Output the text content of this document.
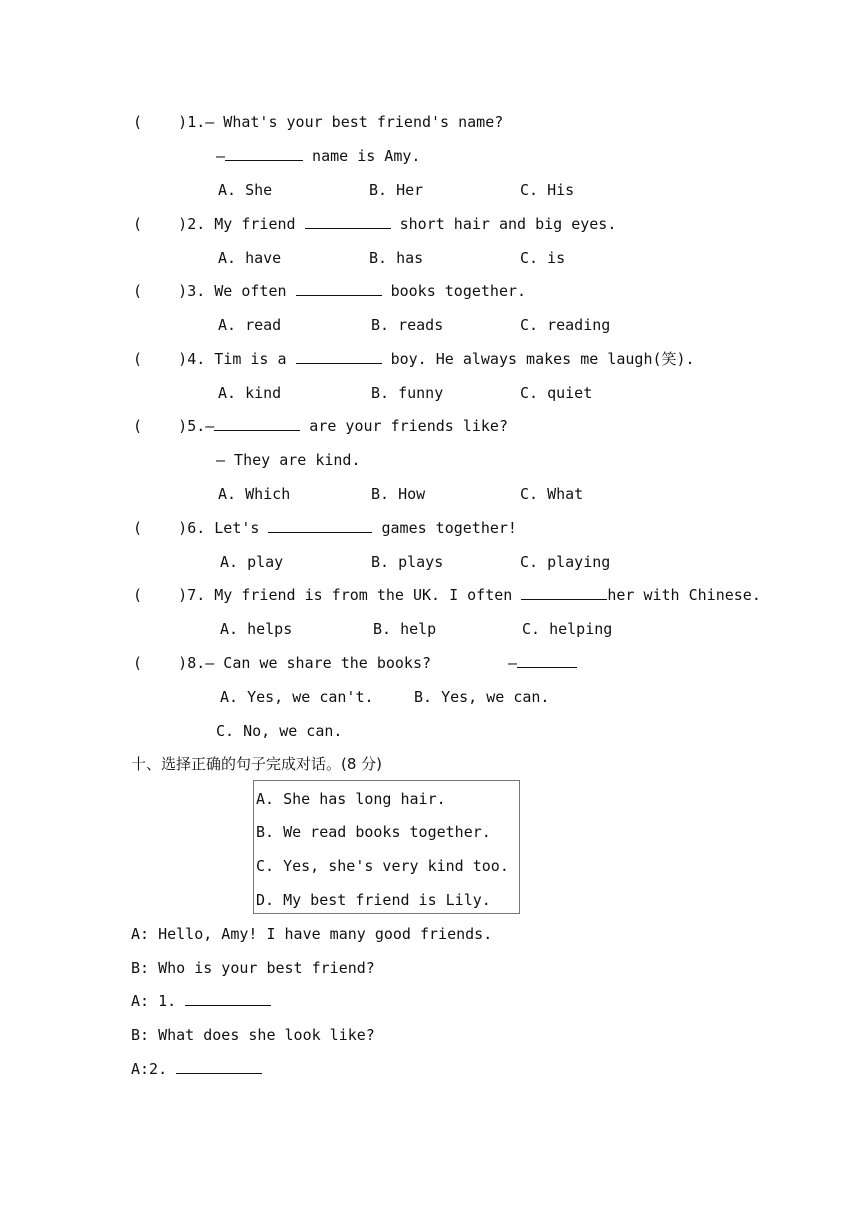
(    )1.— What's your best friend's name?
—	name is Amy.
A. She	B. Her	C. His
(    )2. My friend	short hair and big eyes.
A. have	B. has	C. is
(    )3. We often	books together.
A. read	B. reads	C. reading
(    )4. Tim is a	boy. He always makes me laugh(笑).
A. kind	B. funny	C. quiet
(    )5.—	are your friends like?
— They are kind.
A. Which	B. How	C. What
(    )6. Let's	games together!
A. play	B. plays	C. playing
(    )7. My friend is from the UK. I often	her with Chinese.
A. helps	B. help	C. helping
(    )8.— Can we share the books?	—
A. Yes, we can't.	B. Yes, we can.
C. No, we can.
十、选择正确的句子完成对话。(8 分)
A. She has long hair.
B. We read books together.
C. Yes, she's very kind too.
D. My best friend is Lily.
A: Hello, Amy! I have many good friends.
B: Who is your best friend?
A: 1.
B: What does she look like?
A:2.
